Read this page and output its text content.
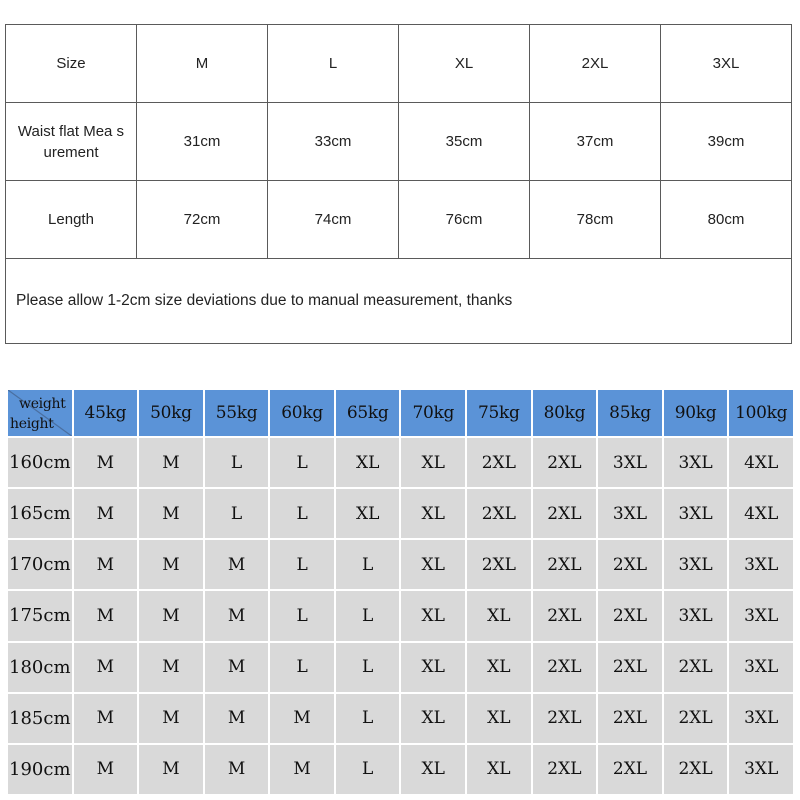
Size	M	L	XL	2XL	3XL
Waist flat Mea surement	31cm	33cm	35cm	37cm	39cm
Length	72cm	74cm	76cm	78cm	80cm
Please allow 1-2cm size deviations due to manual measurement, thanks					
weight
height	45kg	50kg	55kg	60kg	65kg	70kg	75kg	80kg	85kg	90kg	100kg
160cm	M	M	L	L	XL	XL	2XL	2XL	3XL	3XL	4XL
165cm	M	M	L	L	XL	XL	2XL	2XL	3XL	3XL	4XL
170cm	M	M	M	L	L	XL	2XL	2XL	2XL	3XL	3XL
175cm	M	M	M	L	L	XL	XL	2XL	2XL	3XL	3XL
180cm	M	M	M	L	L	XL	XL	2XL	2XL	2XL	3XL
185cm	M	M	M	M	L	XL	XL	2XL	2XL	2XL	3XL
190cm	M	M	M	M	L	XL	XL	2XL	2XL	2XL	3XL
